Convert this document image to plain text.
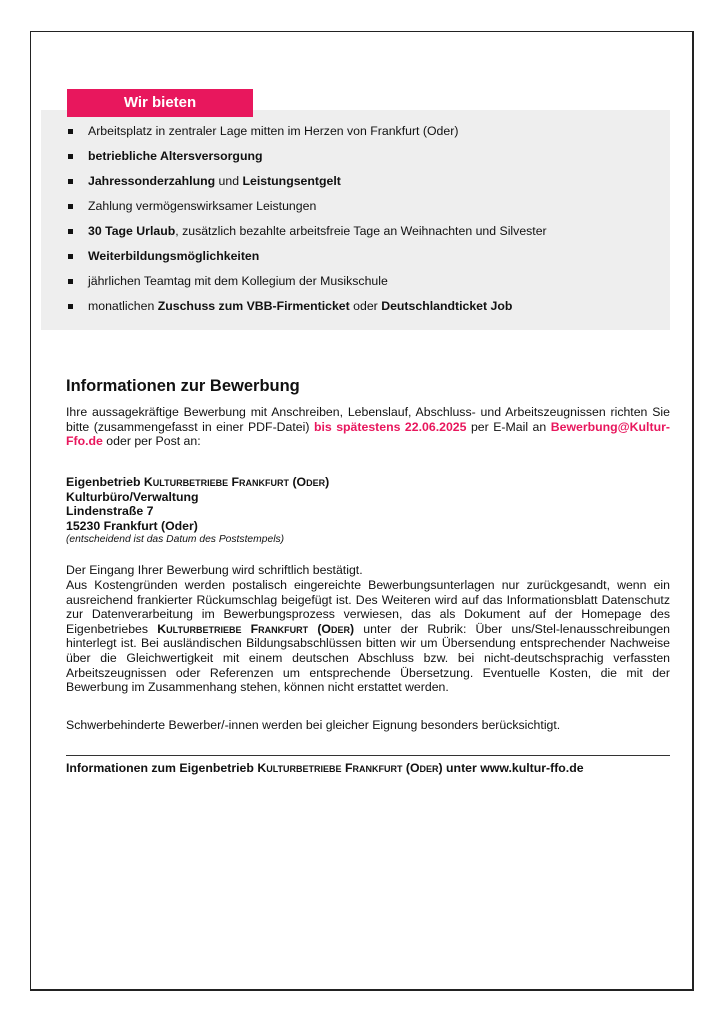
Wir bieten
Arbeitsplatz in zentraler Lage mitten im Herzen von Frankfurt (Oder)
betriebliche Altersversorgung
Jahressonderzahlung und Leistungsentgelt
Zahlung vermögenswirksamer Leistungen
30 Tage Urlaub, zusätzlich bezahlte arbeitsfreie Tage an Weihnachten und Silvester
Weiterbildungsmöglichkeiten
jährlichen Teamtag mit dem Kollegium der Musikschule
monatlichen Zuschuss zum VBB-Firmenticket oder Deutschlandticket Job
Informationen zur Bewerbung

Ihre aussagekräftige Bewerbung mit Anschreiben, Lebenslauf, Abschluss- und Arbeitszeugnissen richten Sie bitte (zusammengefasst in einer PDF-Datei) bis spätestens 22.06.2025 per E-Mail an Bewerbung@Kultur-Ffo.de oder per Post an:

Eigenbetrieb Kulturbetriebe Frankfurt (Oder)
Kulturbüro/Verwaltung
Lindenstraße 7
15230 Frankfurt (Oder)
(entscheidend ist das Datum des Poststempels)

Der Eingang Ihrer Bewerbung wird schriftlich bestätigt.

Aus Kostengründen werden postalisch eingereichte Bewerbungsunterlagen nur zurückgesandt, wenn ein ausreichend frankierter Rückumschlag beigefügt ist. Des Weiteren wird auf das Informationsblatt Datenschutz zur Datenverarbeitung im Bewerbungsprozess verwiesen, das als Dokument auf der Homepage des Eigenbetriebes Kulturbetriebe Frankfurt (Oder) unter der Rubrik: Über uns/Stel-lenausschreibungen hinterlegt ist. Bei ausländischen Bildungsabschlüssen bitten wir um Übersendung entsprechender Nachweise über die Gleichwertigkeit mit einem deutschen Abschluss bzw. bei nicht-deutschsprachig verfassten Arbeitszeugnissen oder Referenzen um entsprechende Übersetzung. Eventuelle Kosten, die mit der Bewerbung im Zusammenhang stehen, können nicht erstattet werden.

Schwerbehinderte Bewerber/-innen werden bei gleicher Eignung besonders berücksichtigt.

Informationen zum Eigenbetrieb Kulturbetriebe Frankfurt (Oder) unter www.kultur-ffo.de
